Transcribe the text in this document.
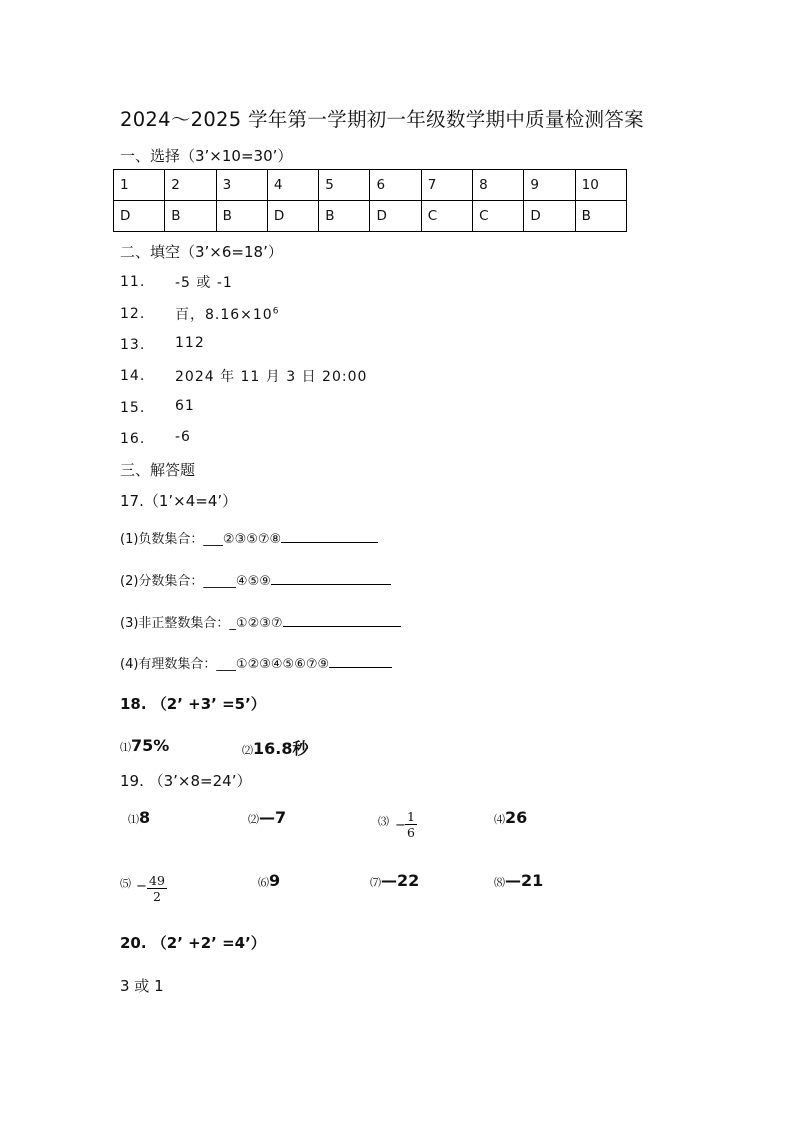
2024～2025 学年第一学期初一年级数学期中质量检测答案
一、选择（3’×10=30’）
1	2	3	4	5	6	7	8	9	10
D	B	B	D	B	D	C	C	D	B
二、填空（3’×6=18’）
11. -5 或 -1
12. 百，$8.16\times 10^6$
13. 112
14. 2024 年 11 月 3 日 20:00
15. 61
16. -6
三、解答题
17.（1’×4=4’）
(1)负数集合：___②③⑤⑦⑧
(2)分数集合：_____④⑤⑨
(3)非正整数集合：_①②③⑦
(4)有理数集合：___①②③④⑤⑥⑦⑨
18. （2’ +3’ =5’）
⑴75%	⑵16.8秒
19. （3’×8=24’）
⑴8	⑵—7	⑶ −
1
6
⑷26
⑸ − 49
2
⑹9	⑺—22	⑻—21
20. （2’ +2’ =4’）
3 或 1
